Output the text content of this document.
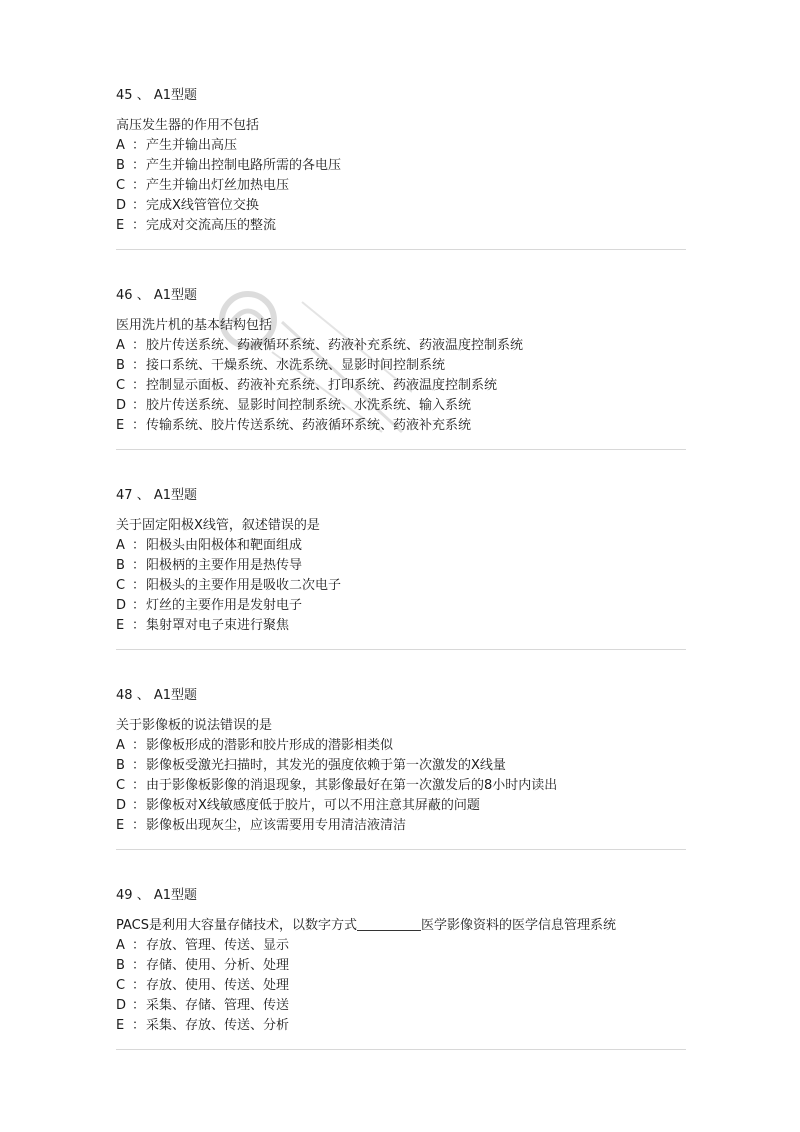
45 、 A1型题
高压发生器的作用不包括
A ：产生并输出高压
B ：产生并输出控制电路所需的各电压
C ：产生并输出灯丝加热电压
D ：完成X线管管位交换
E ：完成对交流高压的整流
46 、 A1型题
医用洗片机的基本结构包括
A ：胶片传送系统、药液循环系统、药液补充系统、药液温度控制系统
B ：接口系统、干燥系统、水洗系统、显影时间控制系统
C ：控制显示面板、药液补充系统、打印系统、药液温度控制系统
D ：胶片传送系统、显影时间控制系统、水洗系统、输入系统
E ：传输系统、胶片传送系统、药液循环系统、药液补充系统
47 、 A1型题
关于固定阳极X线管，叙述错误的是
A ：阳极头由阳极体和靶面组成
B ：阳极柄的主要作用是热传导
C ：阳极头的主要作用是吸收二次电子
D ：灯丝的主要作用是发射电子
E ：集射罩对电子束进行聚焦
48 、 A1型题
关于影像板的说法错误的是
A ：影像板形成的潜影和胶片形成的潜影相类似
B ：影像板受激光扫描时，其发光的强度依赖于第一次激发的X线量
C ：由于影像板影像的消退现象，其影像最好在第一次激发后的8小时内读出
D ：影像板对X线敏感度低于胶片，可以不用注意其屏蔽的问题
E ：影像板出现灰尘，应该需要用专用清洁液清洁
49 、 A1型题
PACS是利用大容量存储技术，以数字方式	医学影像资料的医学信息管理系统
A ：存放、管理、传送、显示
B ：存储、使用、分析、处理
C ：存放、使用、传送、处理
D ：采集、存储、管理、传送
E ：采集、存放、传送、分析
